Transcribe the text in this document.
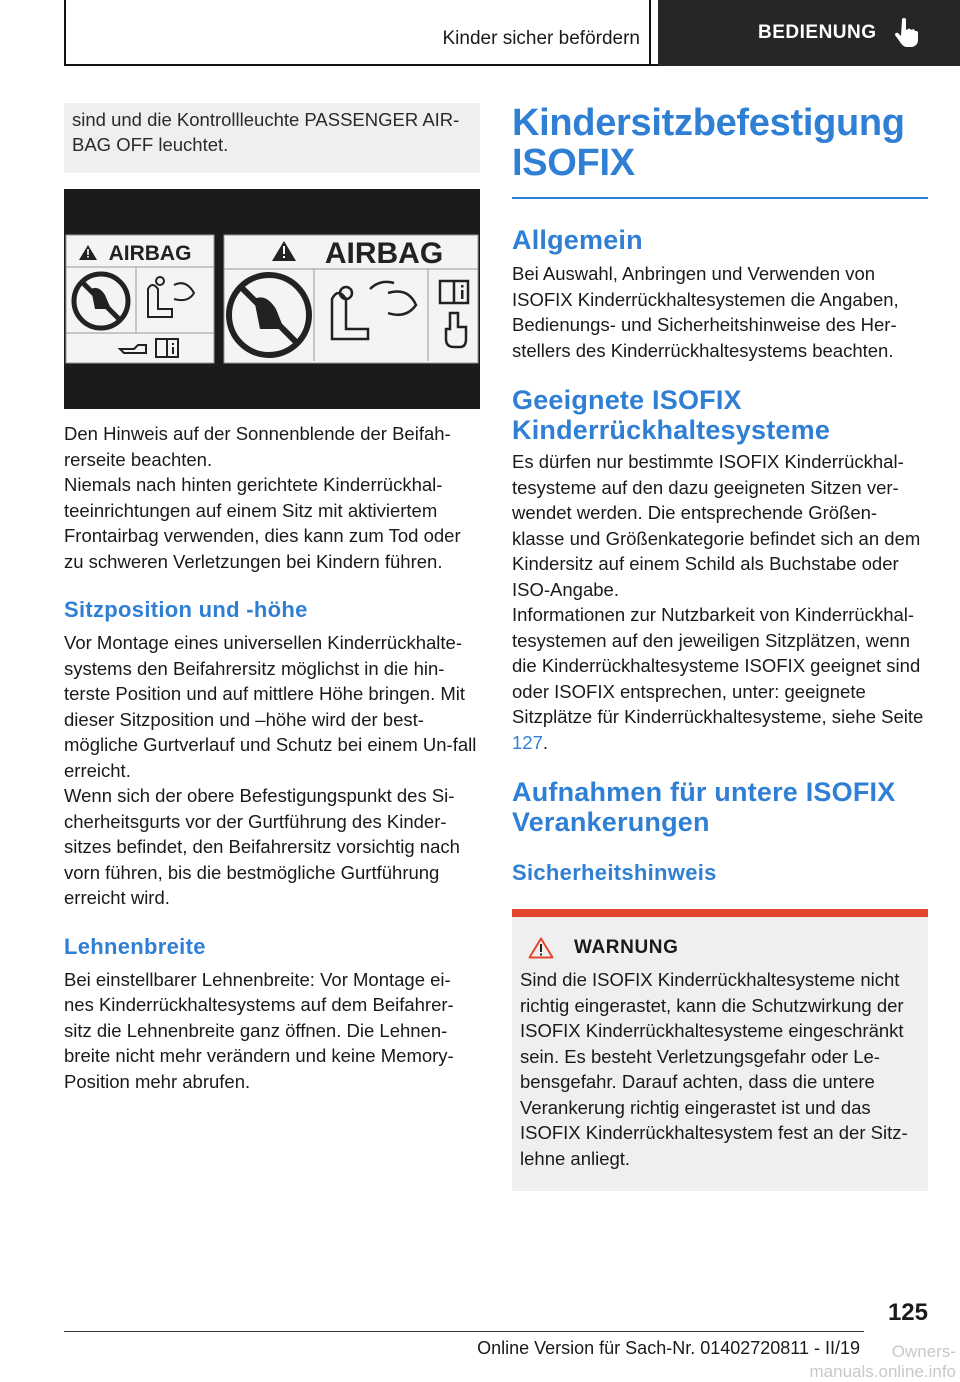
Kinder sicher befördern	BEDIENUNG
sind und die Kontrollleuchte PASSENGER AIR-BAG OFF leuchtet.
AIRBAG	AIRBAG

Den Hinweis auf der Sonnenblende der Beifah-rerseite beachten.

Niemals nach hinten gerichtete Kinderrückhal-teeinrichtungen auf einem Sitz mit aktiviertem Frontairbag verwenden, dies kann zum Tod oder zu schweren Verletzungen bei Kindern führen.

Sitzposition und -höhe

Vor Montage eines universellen Kinderrückhalte-systems den Beifahrersitz möglichst in die hin-terste Position und auf mittlere Höhe bringen. Mit dieser Sitzposition und –höhe wird der best-mögliche Gurtverlauf und Schutz bei einem Un-fall erreicht.

Wenn sich der obere Befestigungspunkt des Si-cherheitsgurts vor der Gurtführung des Kinder-sitzes befindet, den Beifahrersitz vorsichtig nach vorn führen, bis die bestmögliche Gurtführung erreicht wird.

Lehnenbreite

Bei einstellbarer Lehnenbreite: Vor Montage ei-nes Kinderrückhaltesystems auf dem Beifahrer-sitz die Lehnenbreite ganz öffnen. Die Lehnen-breite nicht mehr verändern und keine Memory-Position mehr abrufen.

Kindersitzbefestigung ISOFIX
Allgemein

Bei Auswahl, Anbringen und Verwenden von ISOFIX Kinderrückhaltesystemen die Angaben, Bedienungs- und Sicherheitshinweise des Her-stellers des Kinderrückhaltesystems beachten.

Geeignete ISOFIX Kinderrückhaltesysteme

Es dürfen nur bestimmte ISOFIX Kinderrückhal-tesysteme auf den dazu geeigneten Sitzen ver-wendet werden. Die entsprechende Größen-klasse und Größenkategorie befindet sich an dem Kindersitz auf einem Schild als Buchstabe oder ISO-Angabe.

Informationen zur Nutzbarkeit von Kinderrückhal-tesystemen auf den jeweiligen Sitzplätzen, wenn die Kinderrückhaltesysteme ISOFIX geeignet sind oder ISOFIX entsprechen, unter: geeignete Sitzplätze für Kinderrückhaltesysteme, siehe Seite 127.

Aufnahmen für untere ISOFIX Verankerungen
Sicherheitshinweis
WARNUNG

Sind die ISOFIX Kinderrückhaltesysteme nicht richtig eingerastet, kann die Schutzwirkung der ISOFIX Kinderrückhaltesysteme eingeschränkt sein. Es besteht Verletzungsgefahr oder Le-bensgefahr. Darauf achten, dass die untere Verankerung richtig eingerastet ist und das ISOFIX Kinderrückhaltesystem fest an der Sitz-lehne anliegt.

125
Online Version für Sach-Nr. 01402720811 - II/19	Owners-manuals.online.info
